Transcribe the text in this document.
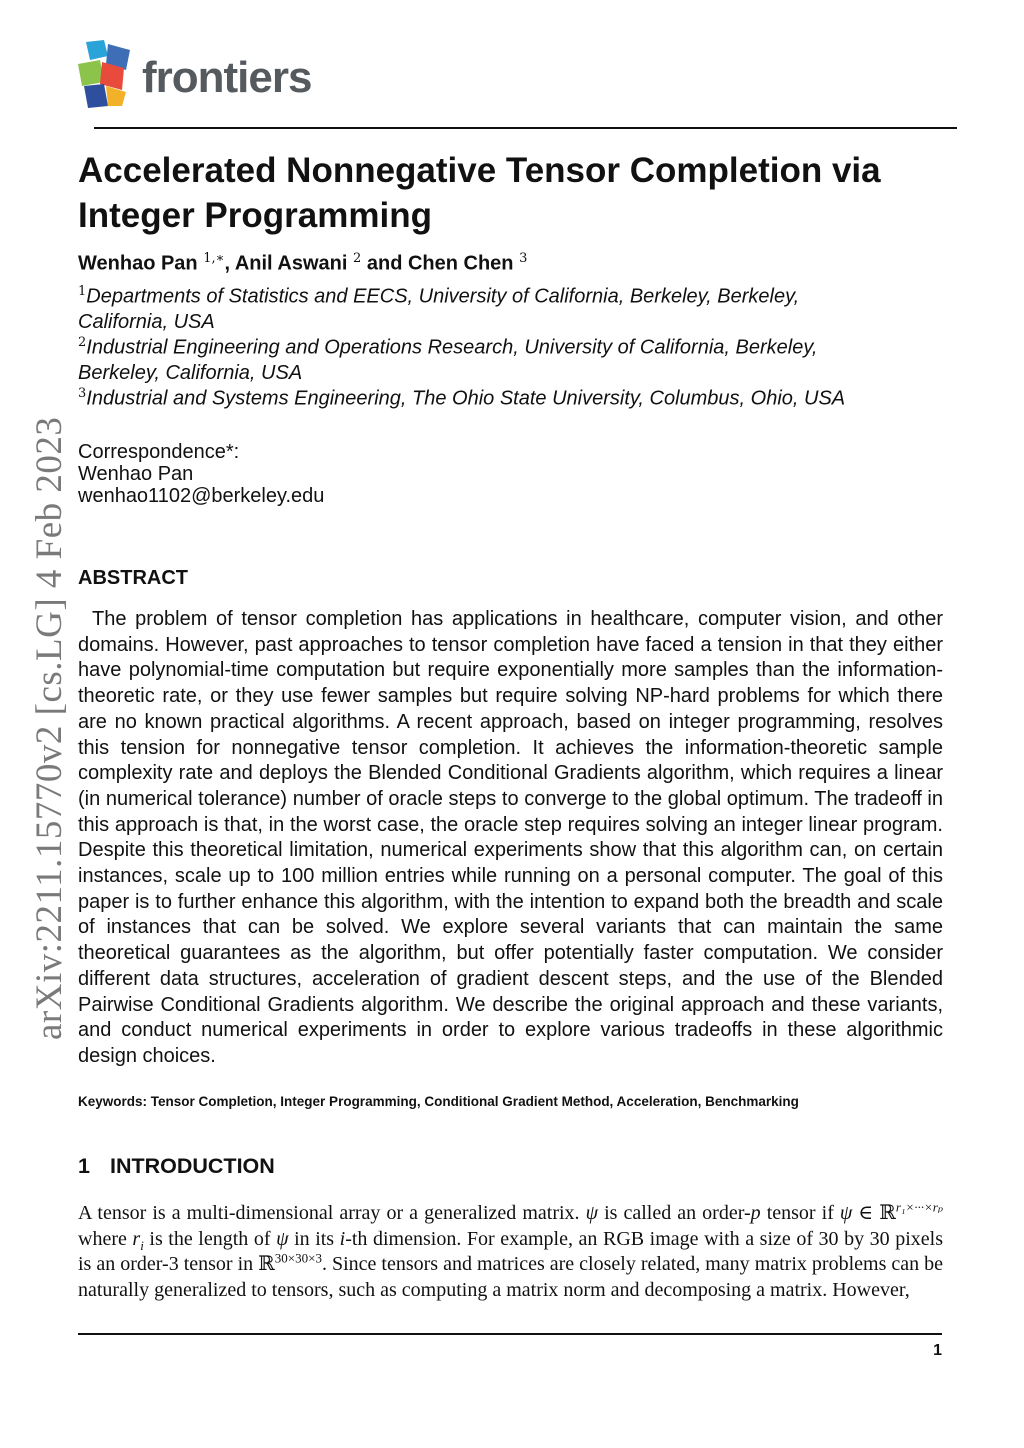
frontiers
arXiv:2211.15770v2 [cs.LG] 4 Feb 2023
Accelerated Nonnegative Tensor Completion via Integer Programming
Wenhao Pan $^{1,∗}$, Anil Aswani $^2$ and Chen Chen $^3$
$^1$Departments of Statistics and EECS, University of California, Berkeley, Berkeley, California, USA
$^2$Industrial Engineering and Operations Research, University of California, Berkeley, Berkeley, California, USA
$^3$Industrial and Systems Engineering, The Ohio State University, Columbus, Ohio, USA
Correspondence*:
Wenhao Pan
wenhao1102@berkeley.edu
ABSTRACT

The problem of tensor completion has applications in healthcare, computer vision, and other domains. However, past approaches to tensor completion have faced a tension in that they either have polynomial-time computation but require exponentially more samples than the information-theoretic rate, or they use fewer samples but require solving NP-hard problems for which there are no known practical algorithms. A recent approach, based on integer programming, resolves this tension for nonnegative tensor completion. It achieves the information-theoretic sample complexity rate and deploys the Blended Conditional Gradients algorithm, which requires a linear (in numerical tolerance) number of oracle steps to converge to the global optimum. The tradeoff in this approach is that, in the worst case, the oracle step requires solving an integer linear program. Despite this theoretical limitation, numerical experiments show that this algorithm can, on certain instances, scale up to 100 million entries while running on a personal computer. The goal of this paper is to further enhance this algorithm, with the intention to expand both the breadth and scale of instances that can be solved. We explore several variants that can maintain the same theoretical guarantees as the algorithm, but offer potentially faster computation. We consider different data structures, acceleration of gradient descent steps, and the use of the Blended Pairwise Conditional Gradients algorithm. We describe the original approach and these variants, and conduct numerical experiments in order to explore various tradeoffs in these algorithmic design choices.

Keywords: Tensor Completion, Integer Programming, Conditional Gradient Method, Acceleration, Benchmarking
1 INTRODUCTION

A tensor is a multi-dimensional array or a generalized matrix. ψ is called an order-p tensor if ψ ∈ ℝ$^{r_1\times\cdot\cdot\cdot\times r_p}$ where $r_i$ is the length of ψ in its i-th dimension. For example, an RGB image with a size of 30 by 30 pixels is an order-3 tensor in ℝ$^{30\times 30\times 3}$. Since tensors and matrices are closely related, many matrix problems can be naturally generalized to tensors, such as computing a matrix norm and decomposing a matrix. However,

1
